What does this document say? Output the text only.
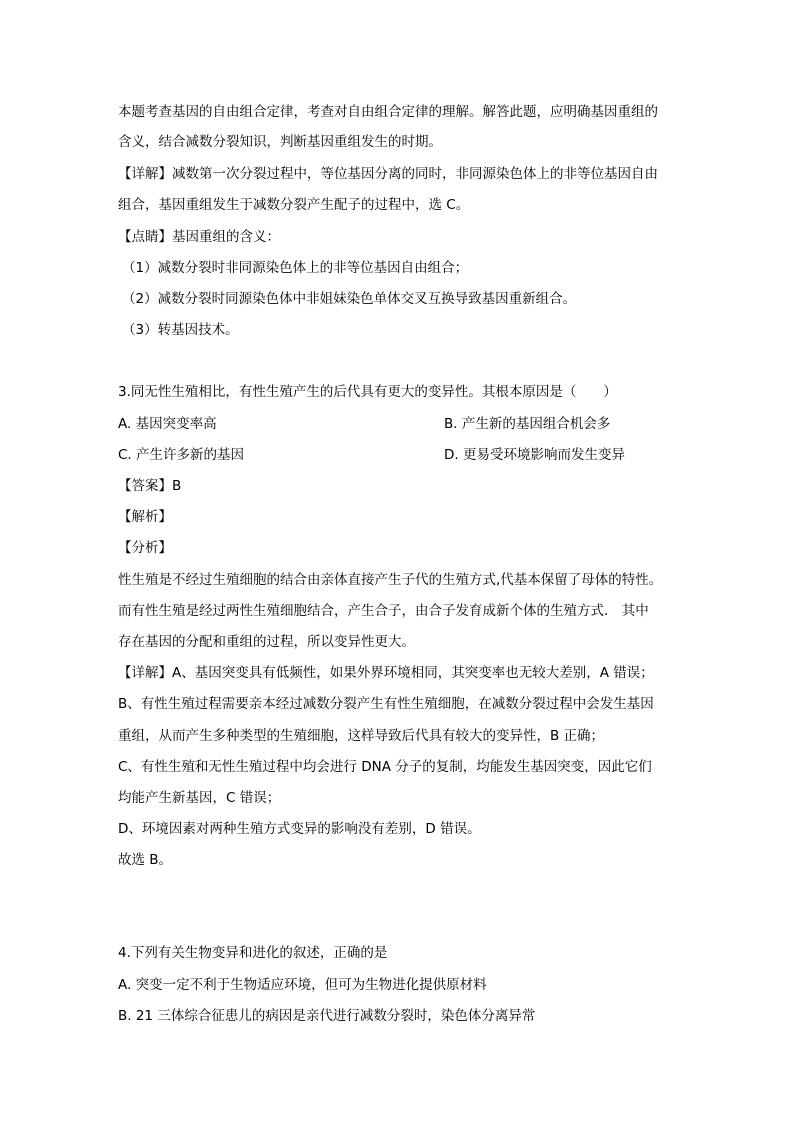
本题考查基因的自由组合定律，考查对自由组合定律的理解。解答此题，应明确基因重组的
含义，结合减数分裂知识，判断基因重组发生的时期。
【详解】减数第一次分裂过程中，等位基因分离的同时，非同源染色体上的非等位基因自由
组合，基因重组发生于减数分裂产生配子的过程中，选 C。
【点睛】基因重组的含义：
（1）减数分裂时非同源染色体上的非等位基因自由组合；
（2）减数分裂时同源染色体中非姐妹染色单体交叉互换导致基因重新组合。
（3）转基因技术。
3.同无性生殖相比，有性生殖产生的后代具有更大的变异性。其根本原因是（　　）
A. 基因突变率高	B. 产生新的基因组合机会多
C. 产生许多新的基因	D. 更易受环境影响而发生变异
【答案】B
【解析】
【分析】
性生殖是不经过生殖细胞的结合由亲体直接产生子代的生殖方式,代基本保留了母体的特性。
而有性生殖是经过两性生殖细胞结合，产生合子，由合子发育成新个体的生殖方式． 其中
存在基因的分配和重组的过程，所以变异性更大。
【详解】A、基因突变具有低频性，如果外界环境相同，其突变率也无较大差别，A 错误；
B、有性生殖过程需要亲本经过减数分裂产生有性生殖细胞，在减数分裂过程中会发生基因
重组，从而产生多种类型的生殖细胞，这样导致后代具有较大的变异性，B 正确；
C、有性生殖和无性生殖过程中均会进行 DNA 分子的复制，均能发生基因突变，因此它们
均能产生新基因，C 错误；
D、环境因素对两种生殖方式变异的影响没有差别，D 错误。
故选 B。
4.下列有关生物变异和进化的叙述，正确的是
A. 突变一定不利于生物适应环境，但可为生物进化提供原材料
B. 21 三体综合征患儿的病因是亲代进行减数分裂时，染色体分离异常
